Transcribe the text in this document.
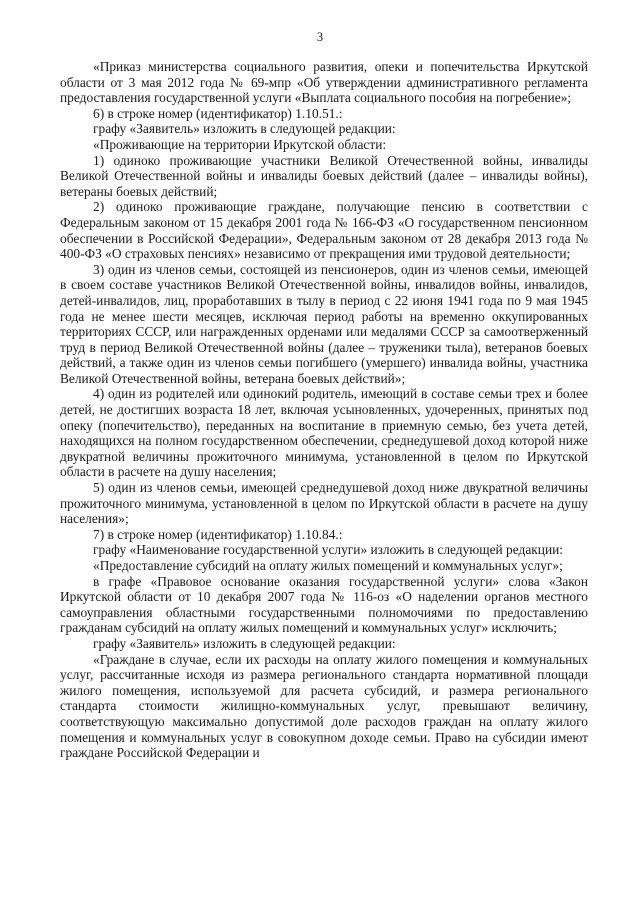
3

«Приказ министерства социального развития, опеки и попечительства Иркутской области от 3 мая 2012 года № 69-мпр «Об утверждении административного регламента предоставления государственной услуги «Выплата социального пособия на погребение»;

6) в строке номер (идентификатор) 1.10.51.:

графу «Заявитель» изложить в следующей редакции:

«Проживающие на территории Иркутской области:

1) одиноко проживающие участники Великой Отечественной войны, инвалиды Великой Отечественной войны и инвалиды боевых действий (далее – инвалиды войны), ветераны боевых действий;

2) одиноко проживающие граждане, получающие пенсию в соответствии с Федеральным законом от 15 декабря 2001 года № 166-ФЗ «О государственном пенсионном обеспечении в Российской Федерации», Федеральным законом от 28 декабря 2013 года № 400-ФЗ «О страховых пенсиях» независимо от прекращения ими трудовой деятельности;

3) один из членов семьи, состоящей из пенсионеров, один из членов семьи, имеющей в своем составе участников Великой Отечественной войны, инвалидов войны, инвалидов, детей-инвалидов, лиц, проработавших в тылу в период с 22 июня 1941 года по 9 мая 1945 года не менее шести месяцев, исключая период работы на временно оккупированных территориях СССР, или награжденных орденами или медалями СССР за самоотверженный труд в период Великой Отечественной войны (далее – труженики тыла), ветеранов боевых действий, а также один из членов семьи погибшего (умершего) инвалида войны, участника Великой Отечественной войны, ветерана боевых действий»;

4) один из родителей или одинокий родитель, имеющий в составе семьи трех и более детей, не достигших возраста 18 лет, включая усыновленных, удочеренных, принятых под опеку (попечительство), переданных на воспитание в приемную семью, без учета детей, находящихся на полном государственном обеспечении, среднедушевой доход которой ниже двукратной величины прожиточного минимума, установленной в целом по Иркутской области в расчете на душу населения;

5) один из членов семьи, имеющей среднедушевой доход ниже двукратной величины прожиточного минимума, установленной в целом по Иркутской области в расчете на душу населения»;

7) в строке номер (идентификатор) 1.10.84.:

графу «Наименование государственной услуги» изложить в следующей редакции:

«Предоставление субсидий на оплату жилых помещений и коммунальных услуг»;

в графе «Правовое основание оказания государственной услуги» слова «Закон Иркутской области от 10 декабря 2007 года № 116-оз «О наделении органов местного самоуправления областными государственными полномочиями по предоставлению гражданам субсидий на оплату жилых помещений и коммунальных услуг» исключить;

графу «Заявитель» изложить в следующей редакции:

«Граждане в случае, если их расходы на оплату жилого помещения и коммунальных услуг, рассчитанные исходя из размера регионального стандарта нормативной площади жилого помещения, используемой для расчета субсидий, и размера регионального стандарта стоимости жилищно-коммунальных услуг, превышают величину, соответствующую максимально допустимой доле расходов граждан на оплату жилого помещения и коммунальных услуг в совокупном доходе семьи. Право на субсидии имеют граждане Российской Федерации и
